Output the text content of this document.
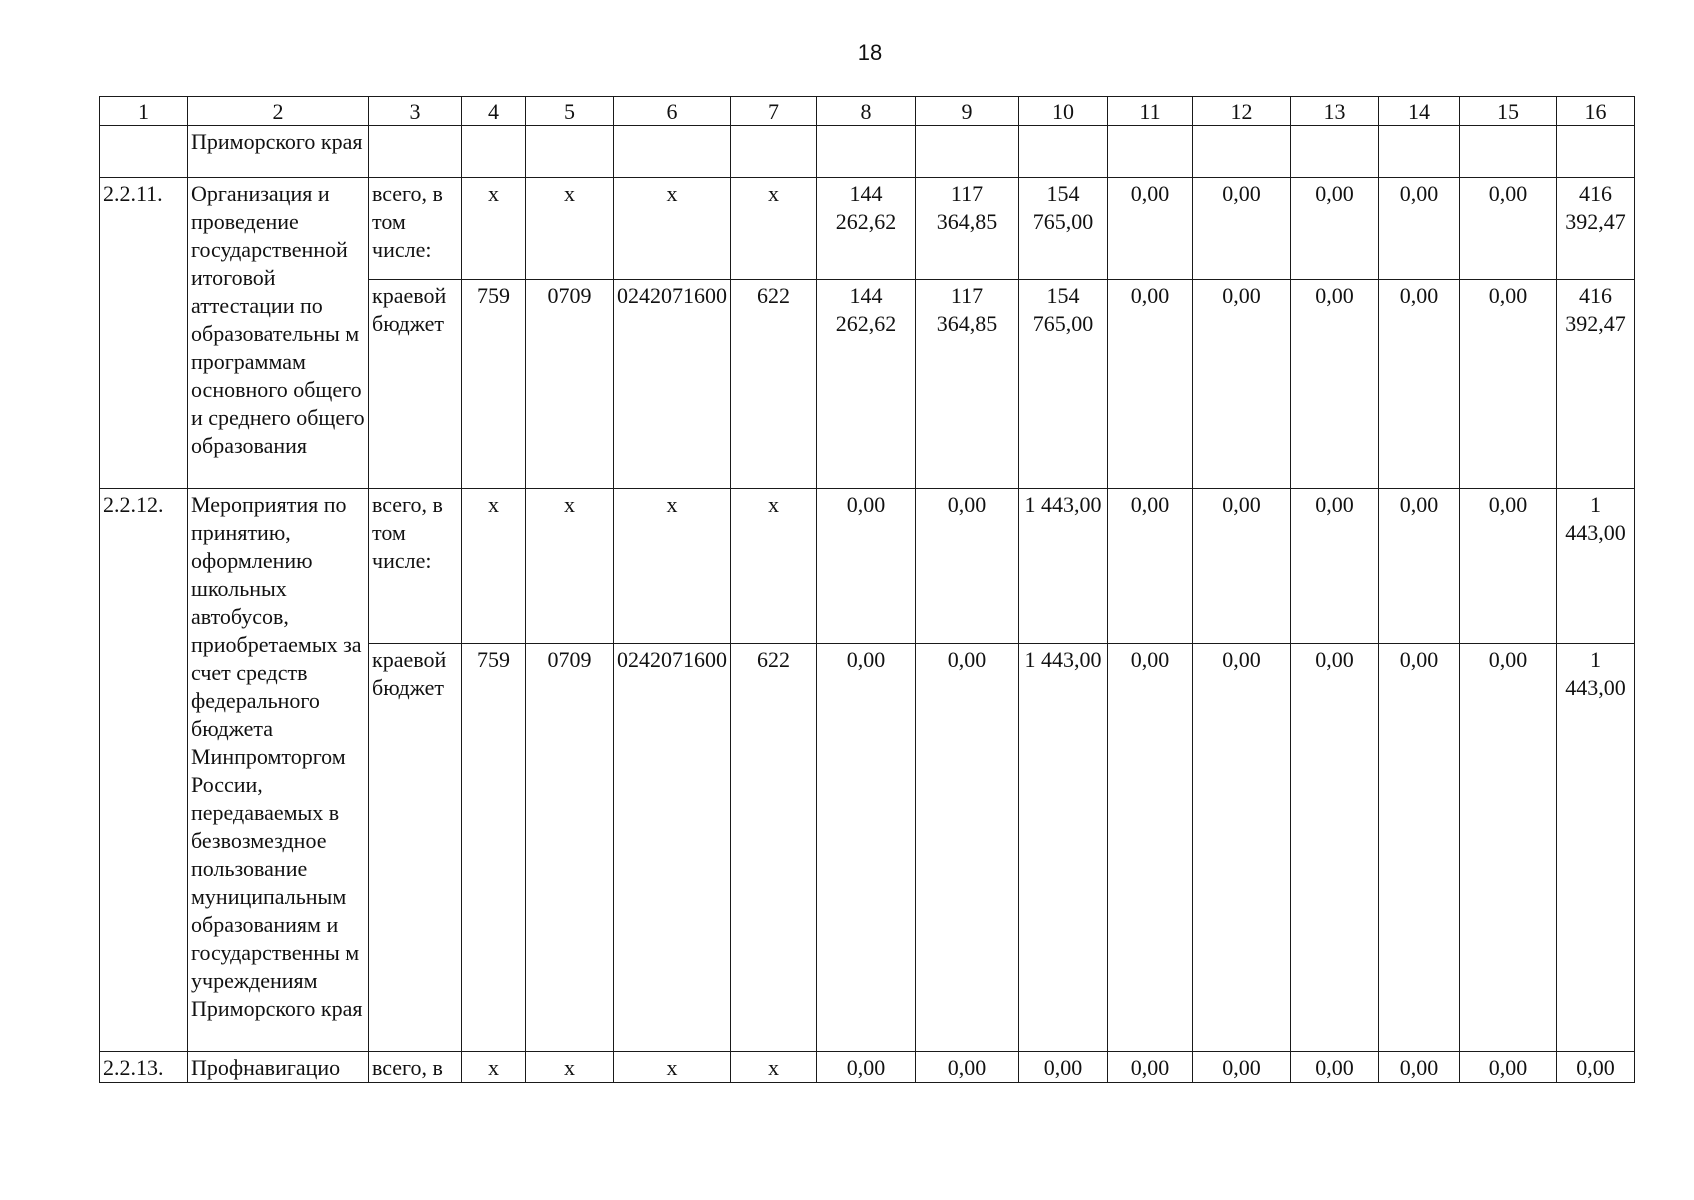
18
1	2	3	4	5	6	7	8	9	10	11	12	13	14	15	16
	Приморского края														
2.2.11.	Организация и проведение государственной итоговой аттестации по образовательны м программам основного общего и среднего общего образования	всего, в том числе:	х	х	х	х	144 262,62	117 364,85	154 765,00	0,00	0,00	0,00	0,00	0,00	416 392,47
		краевой бюджет	759	0709	0242071600	622	144 262,62	117 364,85	154 765,00	0,00	0,00	0,00	0,00	0,00	416 392,47
2.2.12.	Мероприятия по принятию, оформлению школьных автобусов, приобретаемых за счет средств федерального бюджета Минпромторгом России, передаваемых в безвозмездное пользование муниципальным образованиям и государственны м учреждениям Приморского края	всего, в том числе:	х	х	х	х	0,00	0,00	1 443,00	0,00	0,00	0,00	0,00	0,00	1 443,00
		краевой бюджет	759	0709	0242071600	622	0,00	0,00	1 443,00	0,00	0,00	0,00	0,00	0,00	1 443,00
2.2.13.	Профнавигацио	всего, в	х	х	х	х	0,00	0,00	0,00	0,00	0,00	0,00	0,00	0,00	0,00
